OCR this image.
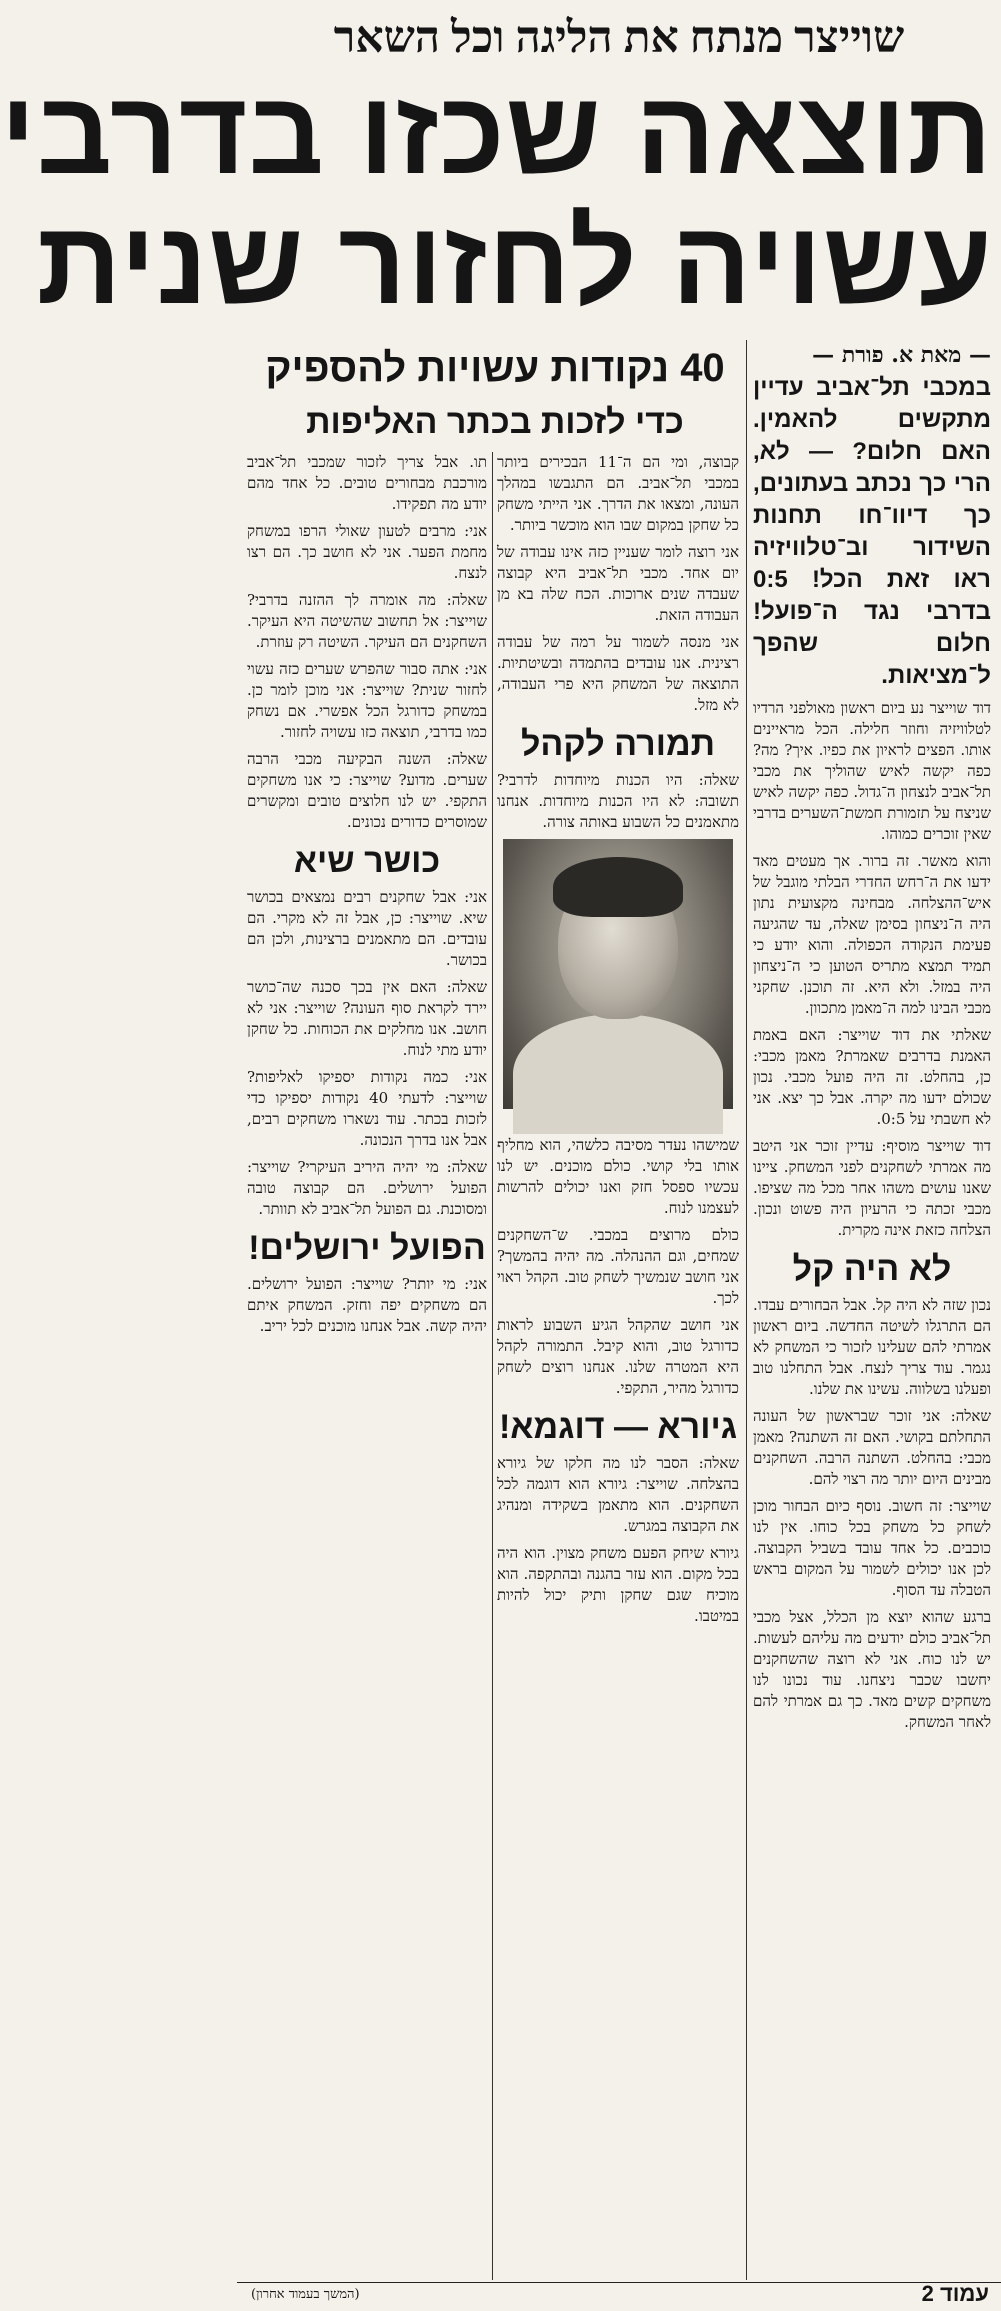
שוייצר מנתח את הליגה וכל השאר
תוצאה שכזו בדרבי
עשויה לחזור שנית
40 נקודות עשויות להספיק
כדי לזכות בכתר האליפות
— מאת א. פורת —

במכבי תל־אביב עדיין מתקשים להאמין. האם חלום? — לא, הרי כך נכתב בעתונים, כך דיוו־חו תחנות השידור וב־טלוויזיה ראו זאת הכל! 0:5 בדרבי נגד ה־פועל! חלום שהפך ל־מציאות.

דוד שוייצר נע ביום ראשון מאולפני הרדיו לטלוויזיה וחוזר חלילה. הכל מראיינים אותו. הפצים לראיון את כפיו. איך? מה? כפה יקשה לאיש שהוליך את מכבי תל־אביב לנצחון ה־גדול. כפה יקשה לאיש שניצח על תזמורת חמשת־השערים בדרבי שאין זוכרים כמוהו.

והוא מאשר. זה ברור. אך מעטים מאד ידעו את ה־רחש החדרי הבלתי מוגבל של איש־ההצלחה. מבחינה מקצועית נתון היה ה־ניצחון בסימן שאלה, עד שהגיעה פעימת הנקודה הכפולה. והוא יודע כי תמיד תמצא מתריס הטוען כי ה־ניצחון היה במזל. ולא היא. זה תוכנן. שחקני מכבי הבינו למה ה־מאמן מתכוון.

שאלתי את דוד שוייצר: האם באמת האמנת בדרבים שאמרת? מאמן מכבי: כן, בהחלט. זה היה פועל מכבי. נכון שכולם ידעו מה יקרה. אבל כך יצא. אני לא חשבתי על 0:5.

דוד שוייצר מוסיף: עדיין זוכר אני היטב מה אמרתי לשחקנים לפני המשחק. ציינו שאנו עושים משהו אחר מכל מה שציפו. מכבי זכתה כי הרעיון היה פשוט ונכון. הצלחה כזאת אינה מקרית.

לא היה קל

נכון שזה לא היה קל. אבל הבחורים עבדו. הם התרגלו לשיטה החדשה. ביום ראשון אמרתי להם שעלינו לזכור כי המשחק לא נגמר. עוד צריך לנצח. אבל התחלנו טוב ופעלנו בשלווה. עשינו את שלנו.

שאלה: אני זוכר שבראשון של העונה התחלתם בקושי. האם זה השתנה? מאמן מכבי: בהחלט. השתנה הרבה. השחקנים מבינים היום יותר מה רצוי להם.

שוייצר: זה חשוב. נוסף כיום הבחור מוכן לשחק כל משחק בכל כוחו. אין לנו כוכבים. כל אחד עובד בשביל הקבוצה. לכן אנו יכולים לשמור על המקום בראש הטבלה עד הסוף.

ברגע שהוא יוצא מן הכלל, אצל מכבי תל־אביב כולם יודעים מה עליהם לעשות. יש לנו כוח. אני לא רוצה שהשחקנים יחשבו שכבר ניצחנו. עוד נכונו לנו משחקים קשים מאד. כך גם אמרתי להם לאחר המשחק.

קבוצה, ומי הם ה־11 הבכירים ביותר במכבי תל־אביב. הם התגבשו במהלך העונה, ומצאו את הדרך. אני הייתי משחק כל שחקן במקום שבו הוא מוכשר ביותר.

אני רוצה לומר שעניין כזה אינו עבודה של יום אחד. מכבי תל־אביב היא קבוצה שעבדה שנים ארוכות. הכח שלה בא מן העבודה הזאת.

אני מנסה לשמור על רמה של עבודה רצינית. אנו עובדים בהתמדה ובשיטתיות. התוצאה של המשחק היא פרי העבודה, לא מזל.

תמורה לקהל

שאלה: היו הכנות מיוחדות לדרבי? תשובה: לא היו הכנות מיוחדות. אנחנו מתאמנים כל השבוע באותה צורה.

שמישהו נעדר מסיבה כלשהי, הוא מחליף אותו בלי קושי. כולם מוכנים. יש לנו עכשיו ספסל חזק ואנו יכולים להרשות לעצמנו לנוח.

כולם מרוצים במכבי. ש־השחקנים שמחים, וגם ההנהלה. מה יהיה בהמשך? אני חושב שנמשיך לשחק טוב. הקהל ראוי לכך.

אני חושב שהקהל הגיע השבוע לראות כדורגל טוב, והוא קיבל. התמורה לקהל היא המטרה שלנו. אנחנו רוצים לשחק כדורגל מהיר, התקפי.

גיורא — דוגמא!

שאלה: הסבר לנו מה חלקו של גיורא בהצלחה. שוייצר: גיורא הוא דוגמה לכל השחקנים. הוא מתאמן בשקידה ומנהיג את הקבוצה במגרש.

גיורא שיחק הפעם משחק מצוין. הוא היה בכל מקום. הוא עזר בהגנה ובהתקפה. הוא מוכיח שגם שחקן ותיק יכול להיות במיטבו.

תו. אבל צריך לזכור שמכבי תל־אביב מורכבת מבחורים טובים. כל אחד מהם יודע מה תפקידו.

אני: מרבים לטעון שאולי הרפו במשחק מחמת הפער. אני לא חושב כך. הם רצו לנצח.

שאלה: מה אומרה לך ההזנה בדרבי? שוייצר: אל תחשוב שהשיטה היא העיקר. השחקנים הם העיקר. השיטה רק עוזרת.

אני: אתה סבור שהפרש שערים כזה עשוי לחזור שנית? שוייצר: אני מוכן לומר כן. במשחק כדורגל הכל אפשרי. אם נשחק כמו בדרבי, תוצאה כזו עשויה לחזור.

שאלה: השנה הבקיעה מכבי הרבה שערים. מדוע? שוייצר: כי אנו משחקים התקפי. יש לנו חלוצים טובים ומקשרים שמוסרים כדורים נכונים.

כושר שיא

אני: אבל שחקנים רבים נמצאים בכושר שיא. שוייצר: כן, אבל זה לא מקרי. הם עובדים. הם מתאמנים ברצינות, ולכן הם בכושר.

שאלה: האם אין בכך סכנה שה־כושר יירד לקראת סוף העונה? שוייצר: אני לא חושב. אנו מחלקים את הכוחות. כל שחקן יודע מתי לנוח.

אני: כמה נקודות יספיקו לאליפות? שוייצר: לדעתי 40 נקודות יספיקו כדי לזכות בכתר. עוד נשארו משחקים רבים, אבל אנו בדרך הנכונה.

שאלה: מי יהיה היריב העיקרי? שוייצר: הפועל ירושלים. הם קבוצה טובה ומסוכנת. גם הפועל תל־אביב לא תוותר.

הפועל ירושלים!

אני: מי יותר? שוייצר: הפועל ירושלים. הם משחקים יפה וחזק. המשחק איתם יהיה קשה. אבל אנחנו מוכנים לכל יריב.

עמוד 2
(המשך בעמוד אחרון)
